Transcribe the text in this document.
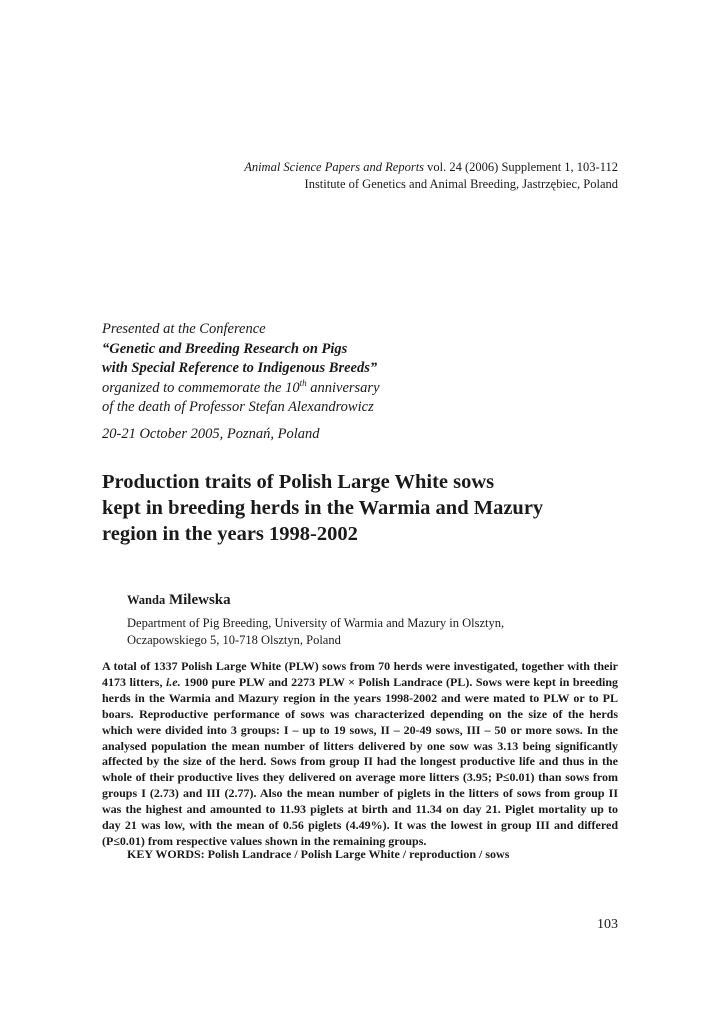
Animal Science Papers and Reports vol. 24 (2006) Supplement 1, 103-112
Institute of Genetics and Animal Breeding, Jastrzębiec, Poland
Presented at the Conference
“Genetic and Breeding Research on Pigs
with Special Reference to Indigenous Breeds”
organized to commemorate the 10th anniversary
of the death of Professor Stefan Alexandrowicz
20-21 October 2005, Poznań, Poland
Production traits of Polish Large White sows
kept in breeding herds in the Warmia and Mazury
region in the years 1998-2002
Wanda Milewska
Department of Pig Breeding, University of Warmia and Mazury in Olsztyn,
Oczapowskiego 5, 10-718 Olsztyn, Poland
A total of 1337 Polish Large White (PLW) sows from 70 herds were investigated, together with their
4173 litters, i.e. 1900 pure PLW and 2273 PLW × Polish Landrace (PL). Sows were kept in breeding
herds in the Warmia and Mazury region in the years 1998-2002 and were mated to PLW or to PL
boars. Reproductive performance of sows was characterized depending on the size of the herds
which were divided into 3 groups: I – up to 19 sows, II – 20-49 sows, III – 50 or more sows. In the
analysed population the mean number of litters delivered by one sow was 3.13 being significantly
affected by the size of the herd. Sows from group II had the longest productive life and thus in the
whole of their productive lives they delivered on average more litters (3.95; P≤0.01) than sows from
groups I (2.73) and III (2.77). Also the mean number of piglets in the litters of sows from group II
was the highest and amounted to 11.93 piglets at birth and 11.34 on day 21. Piglet mortality up to
day 21 was low, with the mean of 0.56 piglets (4.49%). It was the lowest in group III and differed
(P≤0.01) from respective values shown in the remaining groups.
KEY WORDS: Polish Landrace / Polish Large White / reproduction / sows
103
